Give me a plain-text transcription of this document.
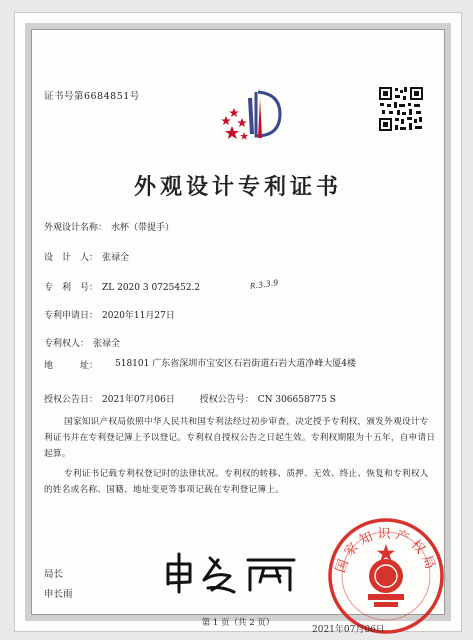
证书号第6684851号
外观设计专利证书
外观设计名称： 水杯（带提手）
设　计　人： 张禄全
专　利　号： ZL 2020 3 0725452.2	R.3.3.9
专利申请日： 2020年11月27日
专利权人： 张禄全
地　　　址： 518101 广东省深圳市宝安区石岩街道石岩大道净峰大厦4楼
授权公告日： 2021年07月06日	授权公告号： CN 306658775 S
国家知识产权局依照中华人民共和国专利法经过初步审查，决定授予专利权，颁发外观设计专利证书并在专利登记簿上予以登记。专利权自授权公告之日起生效。专利权期限为十五年，自申请日起算。
专利证书记载专利权登记时的法律状况。专利权的转移、质押、无效、终止、恢复和专利权人的姓名或名称、国籍、地址变更等事项记载在专利登记簿上。
局长
申长雨
国家知识产权局
2021年07月06日
第 1 页（共 2 页）
